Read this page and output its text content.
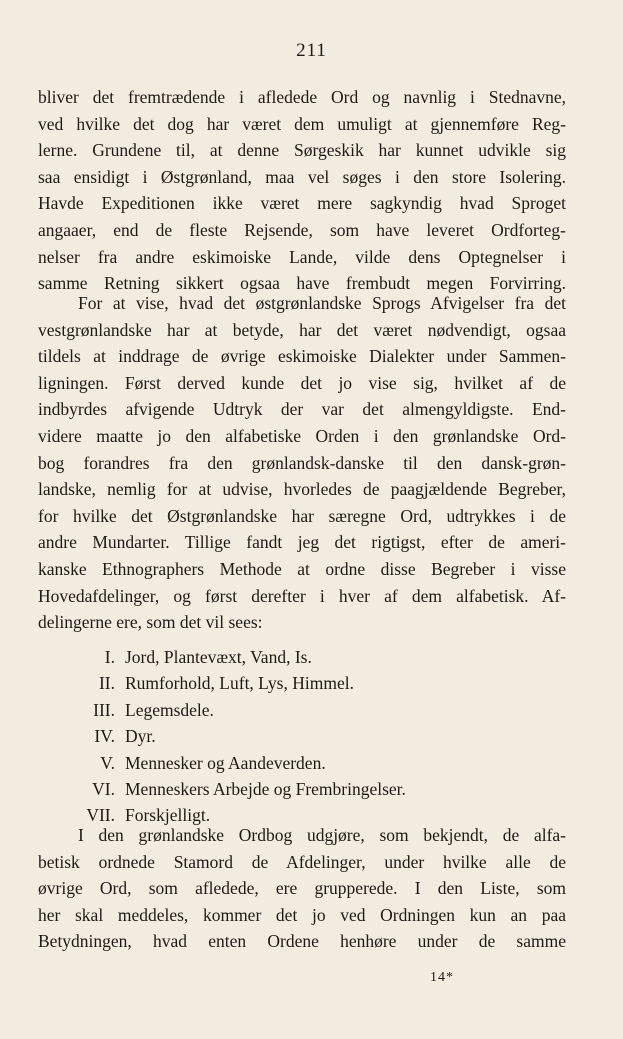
211
bliver det fremtrædende i afledede Ord og navnlig i Stednavne,
ved hvilke det dog har været dem umuligt at gjennemføre Reg-
lerne. Grundene til, at denne Sørgeskik har kunnet udvikle sig
saa ensidigt i Østgrønland, maa vel søges i den store Isolering.
Havde Expeditionen ikke været mere sagkyndig hvad Sproget
angaaer, end de fleste Rejsende, som have leveret Ordforteg-
nelser fra andre eskimoiske Lande, vilde dens Optegnelser i
samme Retning sikkert ogsaa have frembudt megen Forvirring.
For at vise, hvad det østgrønlandske Sprogs Afvigelser fra det
vestgrønlandske har at betyde, har det været nødvendigt, ogsaa
tildels at inddrage de øvrige eskimoiske Dialekter under Sammen-
ligningen. Først derved kunde det jo vise sig, hvilket af de
indbyrdes afvigende Udtryk der var det almengyldigste. End-
videre maatte jo den alfabetiske Orden i den grønlandske Ord-
bog forandres fra den grønlandsk-danske til den dansk-grøn-
landske, nemlig for at udvise, hvorledes de paagjældende Begreber,
for hvilke det Østgrønlandske har særegne Ord, udtrykkes i de
andre Mundarter. Tillige fandt jeg det rigtigst, efter de ameri-
kanske Ethnographers Methode at ordne disse Begreber i visse
Hovedafdelinger, og først derefter i hver af dem alfabetisk. Af-
delingerne ere, som det vil sees:
I. Jord, Plantevæxt, Vand, Is.
II. Rumforhold, Luft, Lys, Himmel.
III. Legemsdele.
IV. Dyr.
V. Mennesker og Aandeverden.
VI. Menneskers Arbejde og Frembringelser.
VII. Forskjelligt.
I den grønlandske Ordbog udgjøre, som bekjendt, de alfa-
betisk ordnede Stamord de Afdelinger, under hvilke alle de
øvrige Ord, som afledede, ere grupperede. I den Liste, som
her skal meddeles, kommer det jo ved Ordningen kun an paa
Betydningen, hvad enten Ordene henhøre under de samme
14*
